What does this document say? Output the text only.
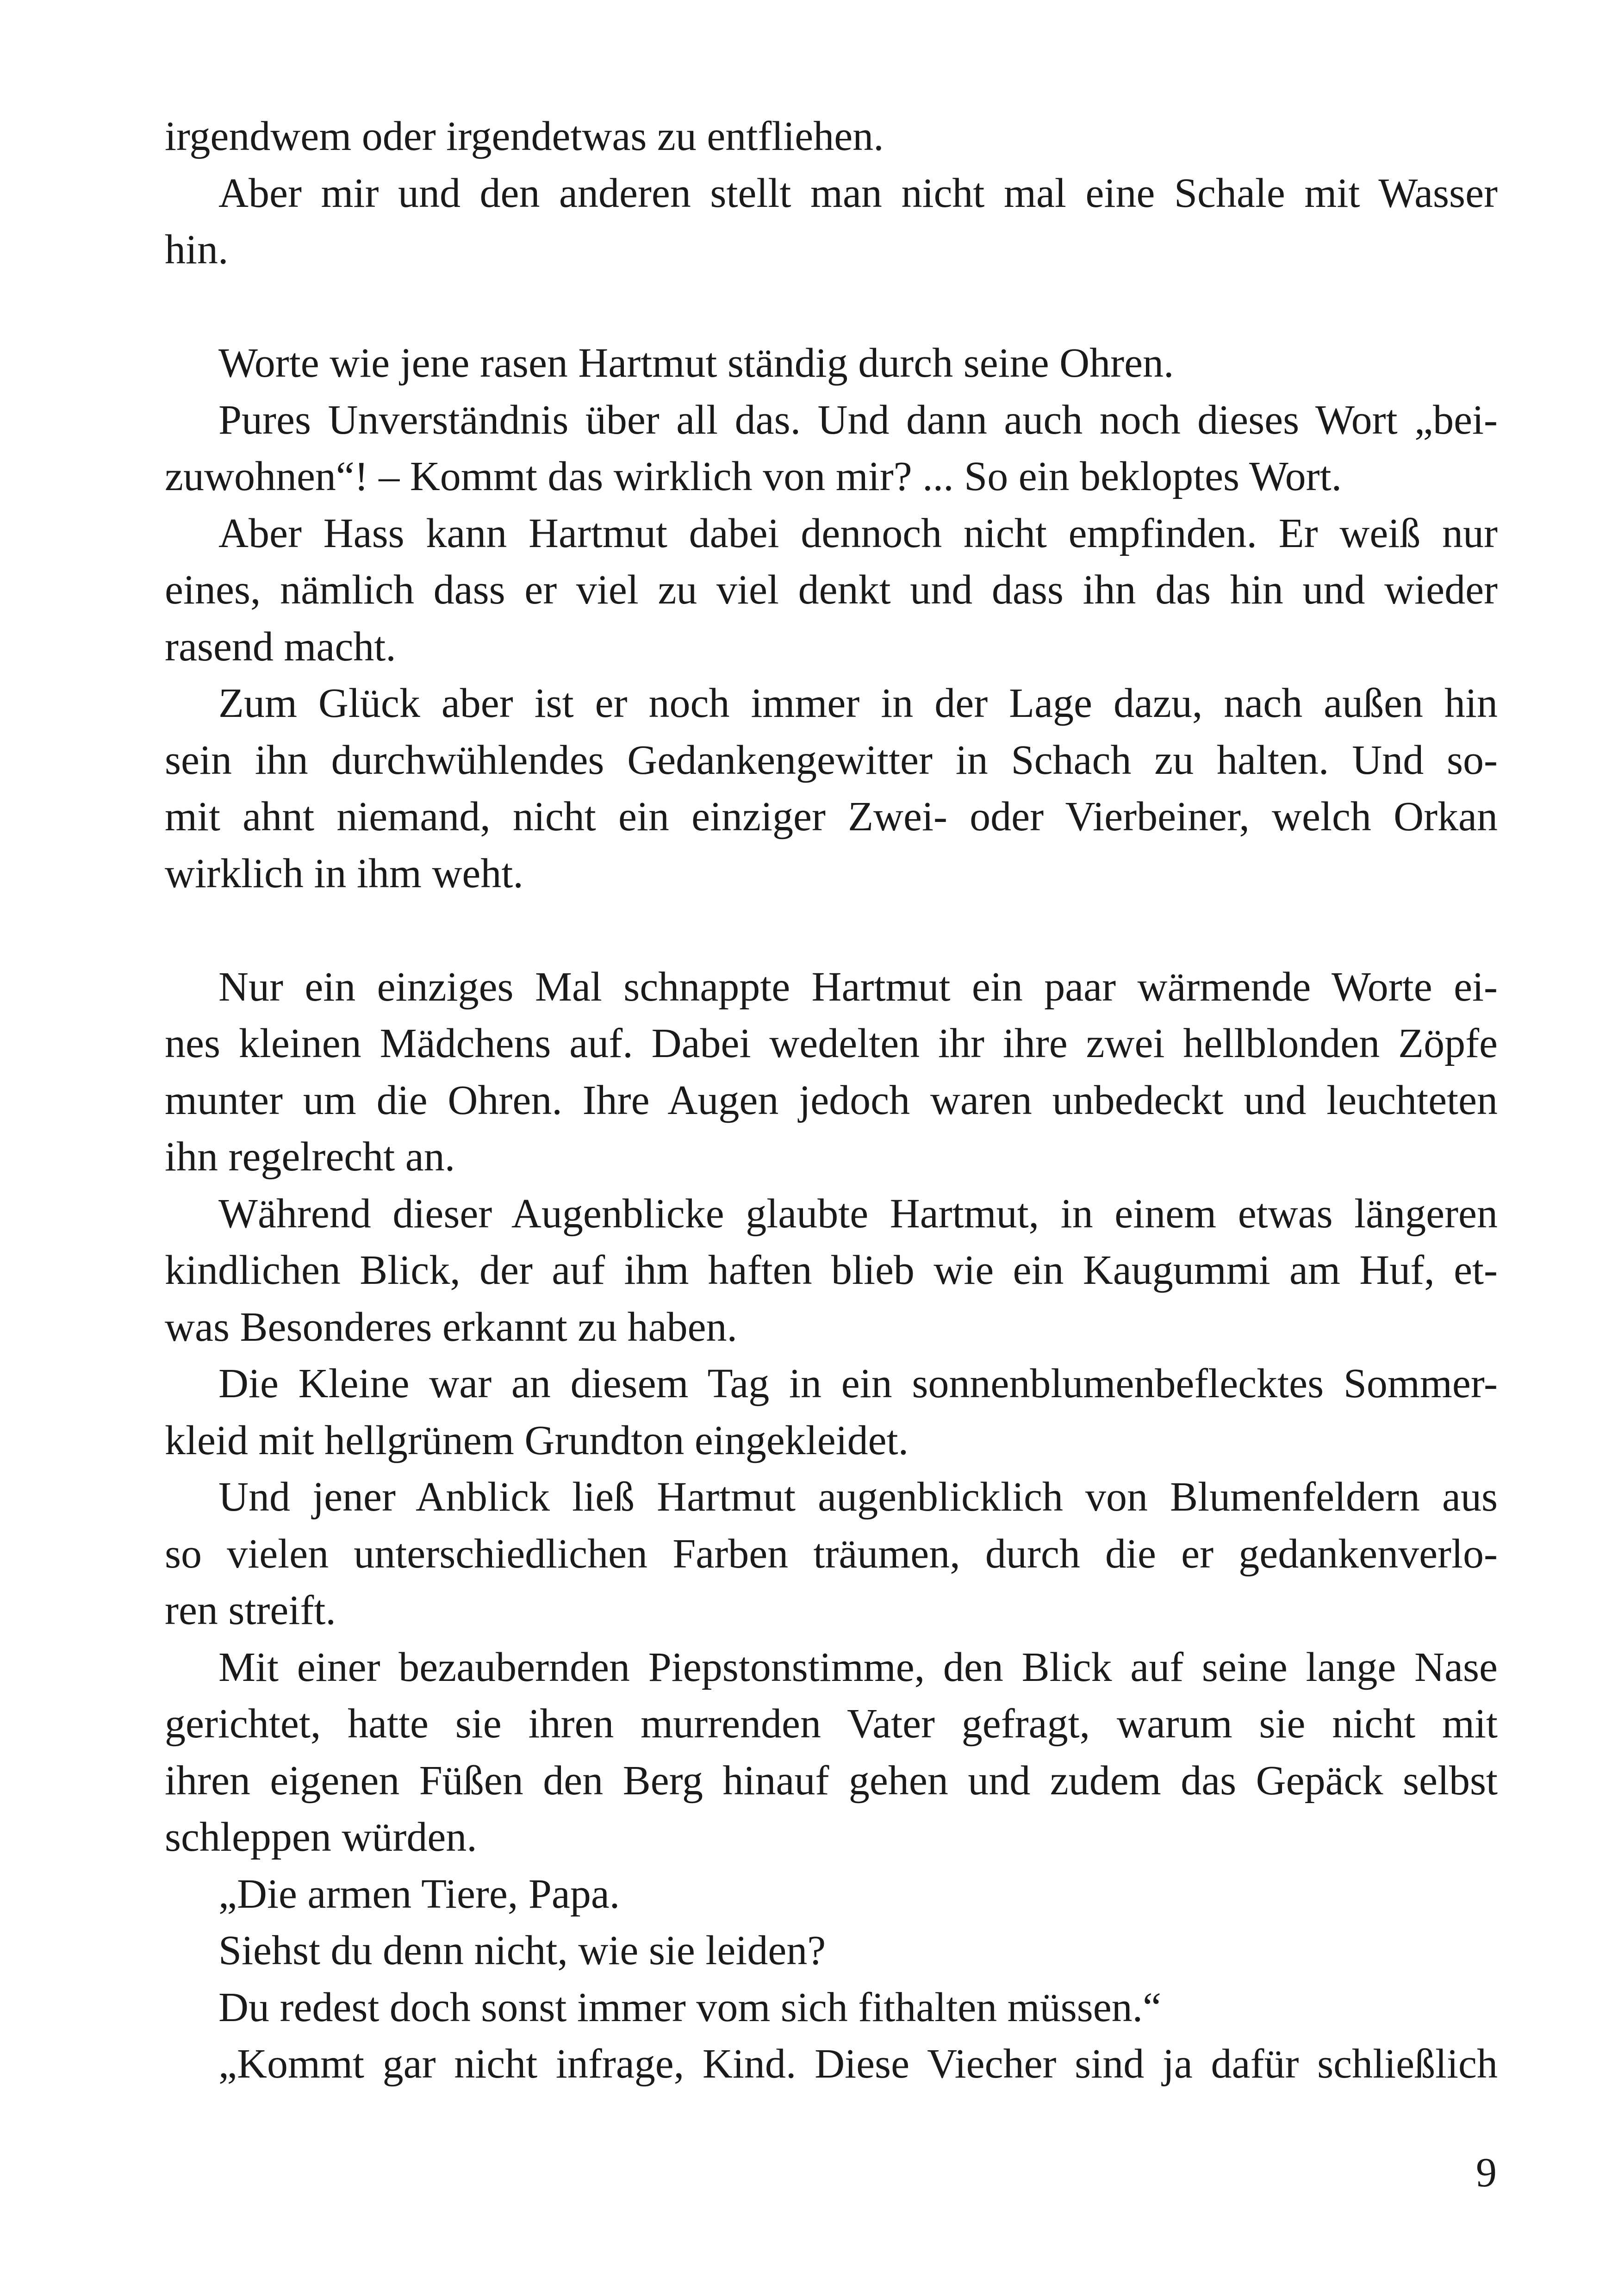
irgendwem oder irgendetwas zu entfliehen.
Aber mir und den anderen stellt man nicht mal eine Schale mit Wasser
hin.
Worte wie jene rasen Hartmut ständig durch seine Ohren.
Pures Unverständnis über all das. Und dann auch noch dieses Wort „bei-
zuwohnen“! – Kommt das wirklich von mir? ... So ein bekloptes Wort.
Aber Hass kann Hartmut dabei dennoch nicht empfinden. Er weiß nur
eines, nämlich dass er viel zu viel denkt und dass ihn das hin und wieder
rasend macht.
Zum Glück aber ist er noch immer in der Lage dazu, nach außen hin
sein ihn durchwühlendes Gedankengewitter in Schach zu halten. Und so-
mit ahnt niemand, nicht ein einziger Zwei- oder Vierbeiner, welch Orkan
wirklich in ihm weht.
Nur ein einziges Mal schnappte Hartmut ein paar wärmende Worte ei-
nes kleinen Mädchens auf. Dabei wedelten ihr ihre zwei hellblonden Zöpfe
munter um die Ohren. Ihre Augen jedoch waren unbedeckt und leuchteten
ihn regelrecht an.
Während dieser Augenblicke glaubte Hartmut, in einem etwas längeren
kindlichen Blick, der auf ihm haften blieb wie ein Kaugummi am Huf, et-
was Besonderes erkannt zu haben.
Die Kleine war an diesem Tag in ein sonnenblumenbeflecktes Sommer-
kleid mit hellgrünem Grundton eingekleidet.
Und jener Anblick ließ Hartmut augenblicklich von Blumenfeldern aus
so vielen unterschiedlichen Farben träumen, durch die er gedankenverlo-
ren streift.
Mit einer bezaubernden Piepstonstimme, den Blick auf seine lange Nase
gerichtet, hatte sie ihren murrenden Vater gefragt, warum sie nicht mit
ihren eigenen Füßen den Berg hinauf gehen und zudem das Gepäck selbst
schleppen würden.
„Die armen Tiere, Papa.
Siehst du denn nicht, wie sie leiden?
Du redest doch sonst immer vom sich fithalten müssen.“
„Kommt gar nicht infrage, Kind. Diese Viecher sind ja dafür schließlich
9
